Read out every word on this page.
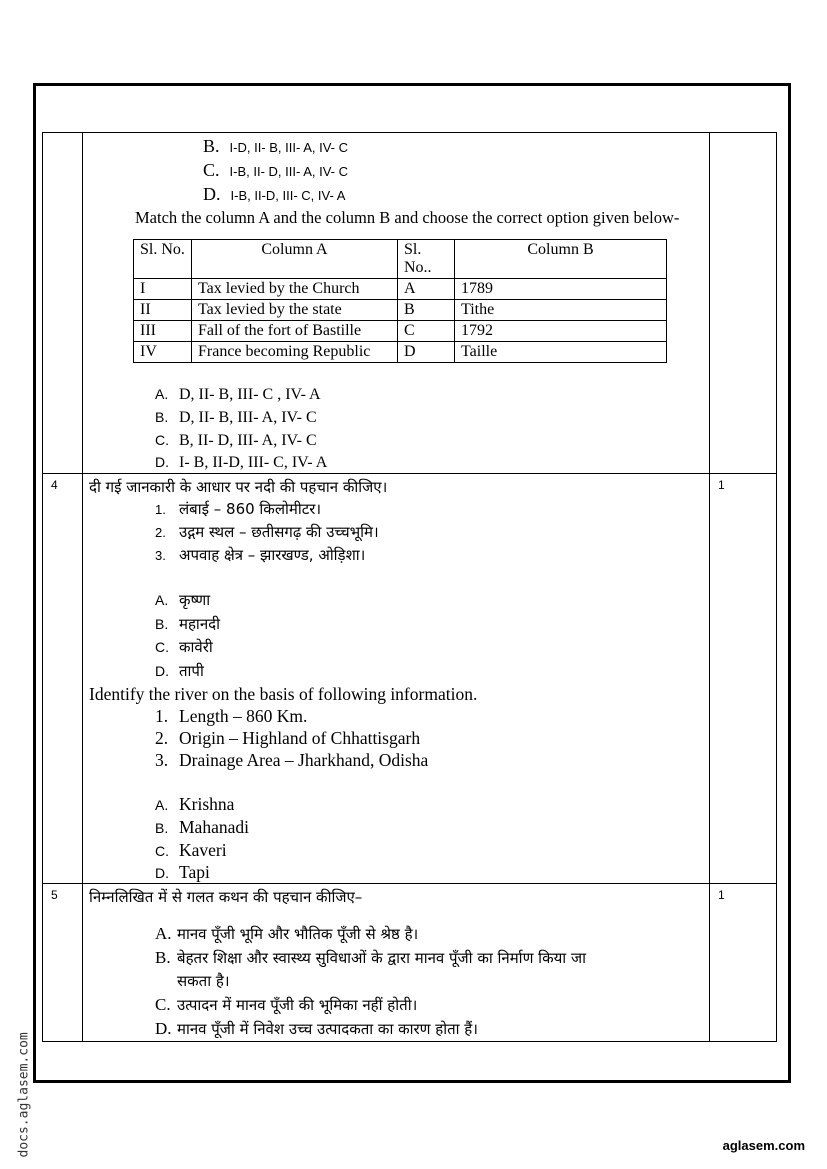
B. I-D, II- B, III- A, IV- C
C. I-B, II- D, III- A, IV- C
D. I-B, II-D, III- C, IV- A
Match the column A and the column B and choose the correct option given below-
Sl. No.	Column A	Sl. No..	Column B
I	Tax levied by the Church	A	1789
II	Tax levied by the state	B	Tithe
III	Fall of the fort of Bastille	C	1792
IV	France becoming Republic	D	Taille
A. D, II- B, III- C , IV- A
B. D, II- B, III- A, IV- C
C. B, II- D, III- A, IV- C
D. I- B, II-D, III- C, IV- A

4	दी गई जानकारी के आधार पर नदी की पहचान कीजिए।
1. लंबाई – 860 किलोमीटर।
2. उद्गम स्थल – छतीसगढ़ की उच्चभूमि।
3. अपवाह क्षेत्र – झारखण्ड, ओड़िशा।
A. कृष्णा
B. महानदी
C. कावेरी
D. तापी
Identify the river on the basis of following information.
1. Length – 860 Km.
2. Origin – Highland of Chhattisgarh
3. Drainage Area – Jharkhand, Odisha
A. Krishna
B. Mahanadi
C. Kaveri
D. Tapi
	1
5	निम्नलिखित में से गलत कथन की पहचान कीजिए–
A. मानव पूँजी भूमि और भौतिक पूँजी से श्रेष्ठ है।
B. बेहतर शिक्षा और स्वास्थ्य सुविधाओं के द्वारा मानव पूँजी का निर्माण किया जा
सकता है।
C. उत्पादन में मानव पूँजी की भूमिका नहीं होती।
D. मानव पूँजी में निवेश उच्च उत्पादकता का कारण होता हैं।
	1
docs.aglasem.com	aglasem.com
